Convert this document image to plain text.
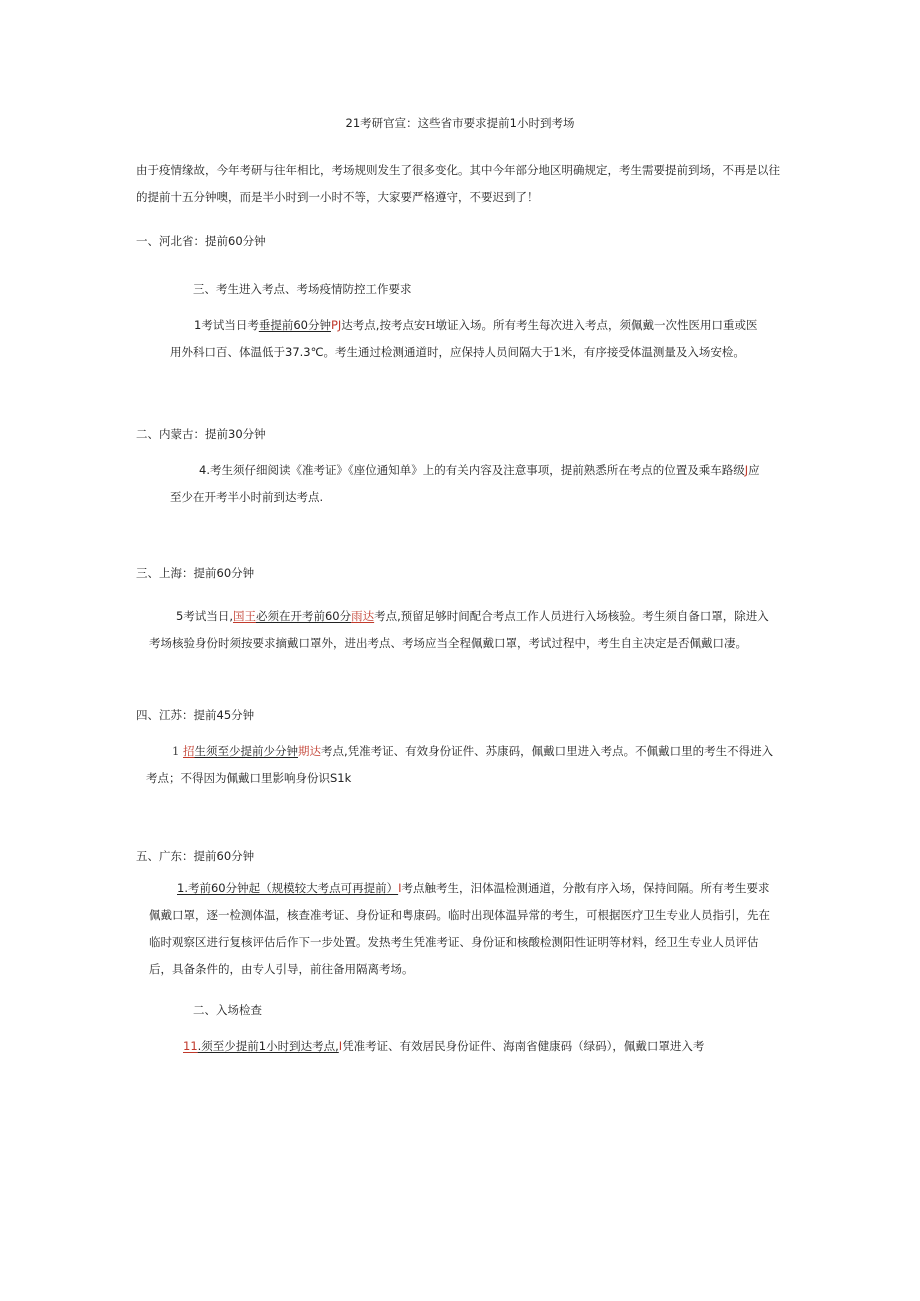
21考研官宣：这些省市要求提前1小时到考场
由于疫情缘故，今年考研与往年相比，考场规则发生了很多变化。其中今年部分地区明确规定，考生需要提前到场，不再是以往
的提前十五分钟噢，而是半小时到一小时不等，大家要严格遵守，不要迟到了！
一、河北省：提前60分钟
三、考生进入考点、考场疫情防控工作要求
1考试当日考垂提前60分钟PJ达考点,按考点安H墩证入场。所有考生每次进入考点，须佩戴一次性医用口重或医
用外科口百、体温低于37.3℃。考生通过检测通道时，应保持人员间隔大于1米，有序接受体温测量及入场安检。
二、内蒙古：提前30分钟
4.考生须仔细阅读《准考证》《座位通知单》上的有关内容及注意事项，提前熟悉所在考点的位置及乘车路级J应
至少在开考半小时前到达考点.
三、上海：提前60分钟
5考试当日,国王必须在开考前60分雨达考点,预留足够时间配合考点工作人员进行入场核验。考生须自备口罩，除进入
考场核验身份时须按要求摘戴口罩外，进出考点、考场应当全程佩戴口罩，考试过程中，考生自主决定是否佩戴口凄。
四、江苏：提前45分钟
1 招生须至少提前少分钟期达考点,凭准考证、有效身份证件、苏康码，佩戴口里进入考点。不佩戴口里的考生不得进入
考点；不得因为佩戴口里影响身份识S1k
五、广东：提前60分钟
1.考前60分钟起（规模较大考点可再提前）I考点触考生，汨体温检测通道，分散有序入场，保持间隔。所有考生要求
佩戴口罩，逐一检测体温，核查准考证、身份证和粤康码。临时出现体温异常的考生，可根据医疗卫生专业人员指引，先在
临时观察区进行复核评估后作下一步处置。发热考生凭准考证、身份证和核酸检测阳性证明等材料，经卫生专业人员评估
后，具备条件的，由专人引导，前往备用隔离考场。
二、入场检查
11.须至少提前1小时到达考点,I凭准考证、有效居民身份证件、海南省健康码（绿码），佩戴口罩进入考
